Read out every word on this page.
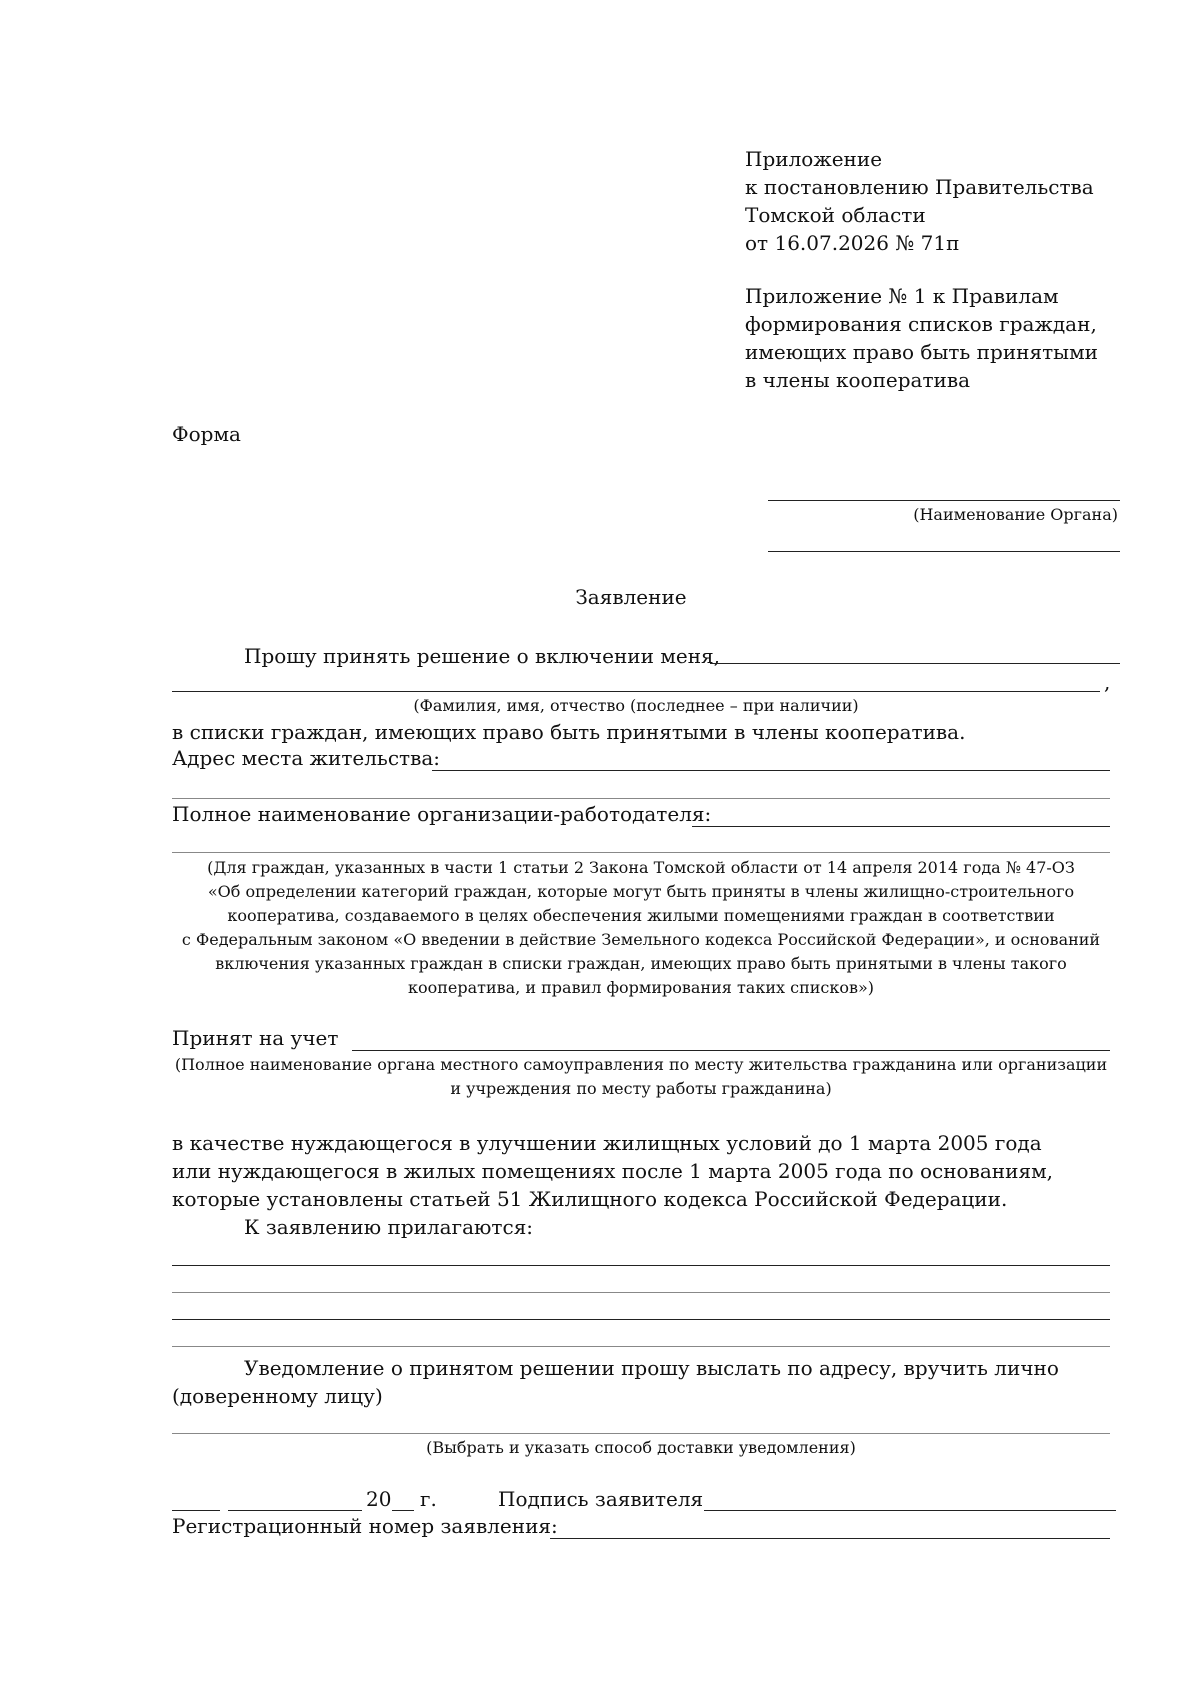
Приложение
к постановлению Правительства
Томской области
от 16.07.2026 № 71п
Приложение № 1 к Правилам
формирования списков граждан,
имеющих право быть принятыми
в члены кооператива
Форма
(Наименование Органа)
Заявление
Прошу принять решение о включении меня,
,
(Фамилия, имя, отчество (последнее – при наличии)
в списки граждан, имеющих право быть принятыми в члены кооператива.
Адрес места жительства:
Полное наименование организации-работодателя:
(Для граждан, указанных в части 1 статьи 2 Закона Томской области от 14 апреля 2014 года № 47-ОЗ
«Об определении категорий граждан, которые могут быть приняты в члены жилищно-строительного
кооператива, создаваемого в целях обеспечения жилыми помещениями граждан в соответствии
с Федеральным законом «О введении в действие Земельного кодекса Российской Федерации», и оснований
включения указанных граждан в списки граждан, имеющих право быть принятыми в члены такого
кооператива, и правил формирования таких списков»)
Принят на учет
(Полное наименование органа местного самоуправления по месту жительства гражданина или организации
и учреждения по месту работы гражданина)
в качестве нуждающегося в улучшении жилищных условий до 1 марта 2005 года
или нуждающегося в жилых помещениях после 1 марта 2005 года по основаниям,
которые установлены статьей 51 Жилищного кодекса Российской Федерации.
К заявлению прилагаются:
Уведомление о принятом решении прошу выслать по адресу, вручить лично
(доверенному лицу)
(Выбрать и указать способ доставки уведомления)
20 г.	Подпись заявителя
Регистрационный номер заявления:
